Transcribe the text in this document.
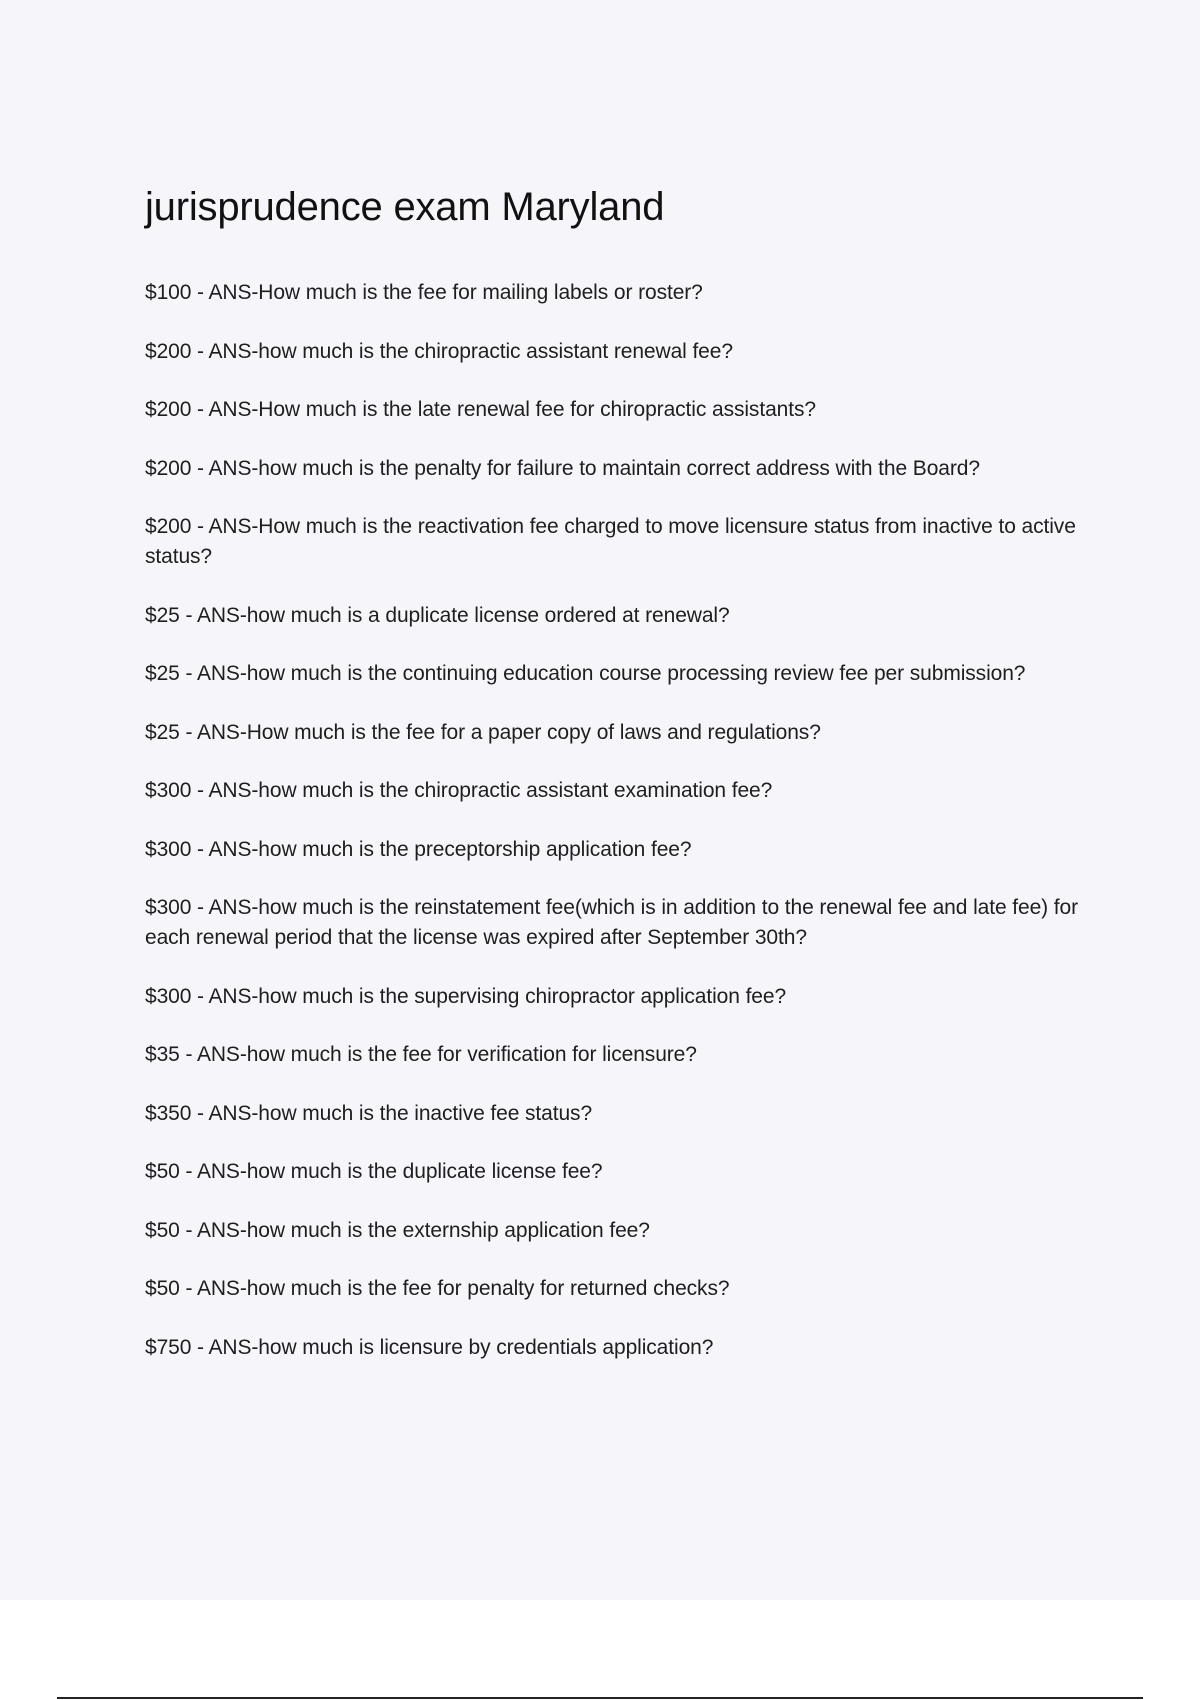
jurisprudence exam Maryland
$100 - ANS-How much is the fee for mailing labels or roster?
$200 - ANS-how much is the chiropractic assistant renewal fee?
$200 - ANS-How much is the late renewal fee for chiropractic assistants?
$200 - ANS-how much is the penalty for failure to maintain correct address with the Board?
$200 - ANS-How much is the reactivation fee charged to move licensure status from inactive to active status?
$25 - ANS-how much is a duplicate license ordered at renewal?
$25 - ANS-how much is the continuing education course processing review fee per submission?
$25 - ANS-How much is the fee for a paper copy of laws and regulations?
$300 - ANS-how much is the chiropractic assistant examination fee?
$300 - ANS-how much is the preceptorship application fee?
$300 - ANS-how much is the reinstatement fee(which is in addition to the renewal fee and late fee) for each renewal period that the license was expired after September 30th?
$300 - ANS-how much is the supervising chiropractor application fee?
$35 - ANS-how much is the fee for verification for licensure?
$350 - ANS-how much is the inactive fee status?
$50 - ANS-how much is the duplicate license fee?
$50 - ANS-how much is the externship application fee?
$50 - ANS-how much is the fee for penalty for returned checks?
$750 - ANS-how much is licensure by credentials application?
